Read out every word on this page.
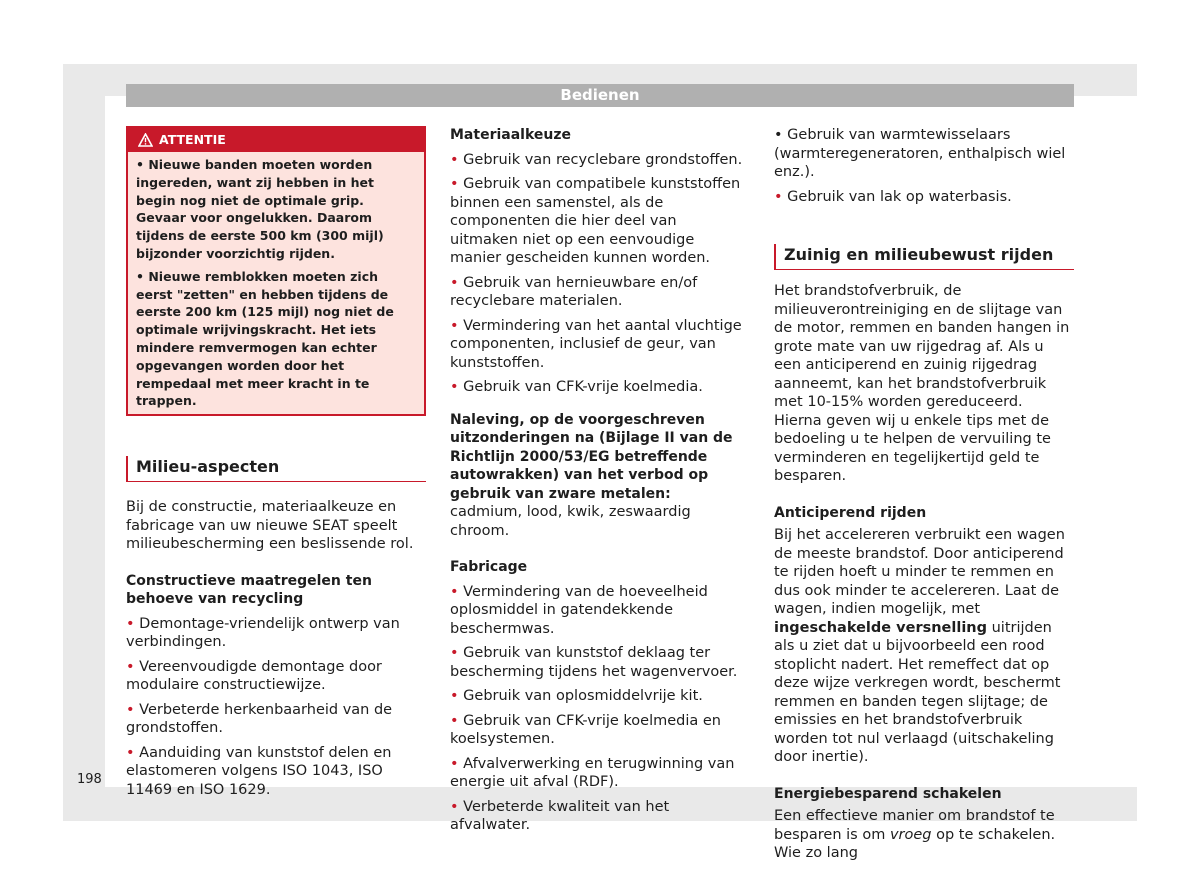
Bedienen
ATTENTIE

• Nieuwe banden moeten worden ingereden, want zij hebben in het begin nog niet de optimale grip. Gevaar voor ongelukken. Daarom tijdens de eerste 500 km (300 mijl) bijzonder voorzichtig rijden.

• Nieuwe remblokken moeten zich eerst "zetten" en hebben tijdens de eerste 200 km (125 mijl) nog niet de optimale wrijvingskracht. Het iets mindere remvermogen kan echter opgevangen worden door het rempedaal met meer kracht in te trappen.

Milieu-aspecten

Bij de constructie, materiaalkeuze en fabricage van uw nieuwe SEAT speelt milieubescherming een beslissende rol.

Constructieve maatregelen ten behoeve van recycling

• Demontage-vriendelijk ontwerp van verbindingen.

• Vereenvoudigde demontage door modulaire constructiewijze.

• Verbeterde herkenbaarheid van de grondstoffen.

• Aanduiding van kunststof delen en elastomeren volgens ISO 1043, ISO 11469 en ISO 1629.

Materiaalkeuze

• Gebruik van recyclebare grondstoffen.

• Gebruik van compatibele kunststoffen binnen een samenstel, als de componenten die hier deel van uitmaken niet op een eenvoudige manier gescheiden kunnen worden.

• Gebruik van hernieuwbare en/of recyclebare materialen.

• Vermindering van het aantal vluchtige componenten, inclusief de geur, van kunststoffen.

• Gebruik van CFK-vrije koelmedia.

Naleving, op de voorgeschreven uitzonderingen na (Bijlage II van de Richtlijn 2000/53/EG betreffende autowrakken) van het verbod op gebruik van zware metalen: cadmium, lood, kwik, zeswaardig chroom.

Fabricage

• Vermindering van de hoeveelheid oplosmiddel in gatendekkende beschermwas.

• Gebruik van kunststof deklaag ter bescherming tijdens het wagenvervoer.

• Gebruik van oplosmiddelvrije kit.

• Gebruik van CFK-vrije koelmedia en koelsystemen.

• Afvalverwerking en terugwinning van energie uit afval (RDF).

• Verbeterde kwaliteit van het afvalwater.

• Gebruik van warmtewisselaars (warmteregeneratoren, enthalpisch wiel enz.).

• Gebruik van lak op waterbasis.

Zuinig en milieubewust rijden

Het brandstofverbruik, de milieuverontreiniging en de slijtage van de motor, remmen en banden hangen in grote mate van uw rijgedrag af. Als u een anticiperend en zuinig rijgedrag aanneemt, kan het brandstofverbruik met 10-15% worden gereduceerd. Hierna geven wij u enkele tips met de bedoeling u te helpen de vervuiling te verminderen en tegelijkertijd geld te besparen.

Anticiperend rijden

Bij het accelereren verbruikt een wagen de meeste brandstof. Door anticiperend te rijden hoeft u minder te remmen en dus ook minder te accelereren. Laat de wagen, indien mogelijk, met ingeschakelde versnelling uitrijden als u ziet dat u bijvoorbeeld een rood stoplicht nadert. Het remeffect dat op deze wijze verkregen wordt, beschermt remmen en banden tegen slijtage; de emissies en het brandstofverbruik worden tot nul verlaagd (uitschakeling door inertie).

Energiebesparend schakelen

Een effectieve manier om brandstof te besparen is om vroeg op te schakelen. Wie zo lang

198
